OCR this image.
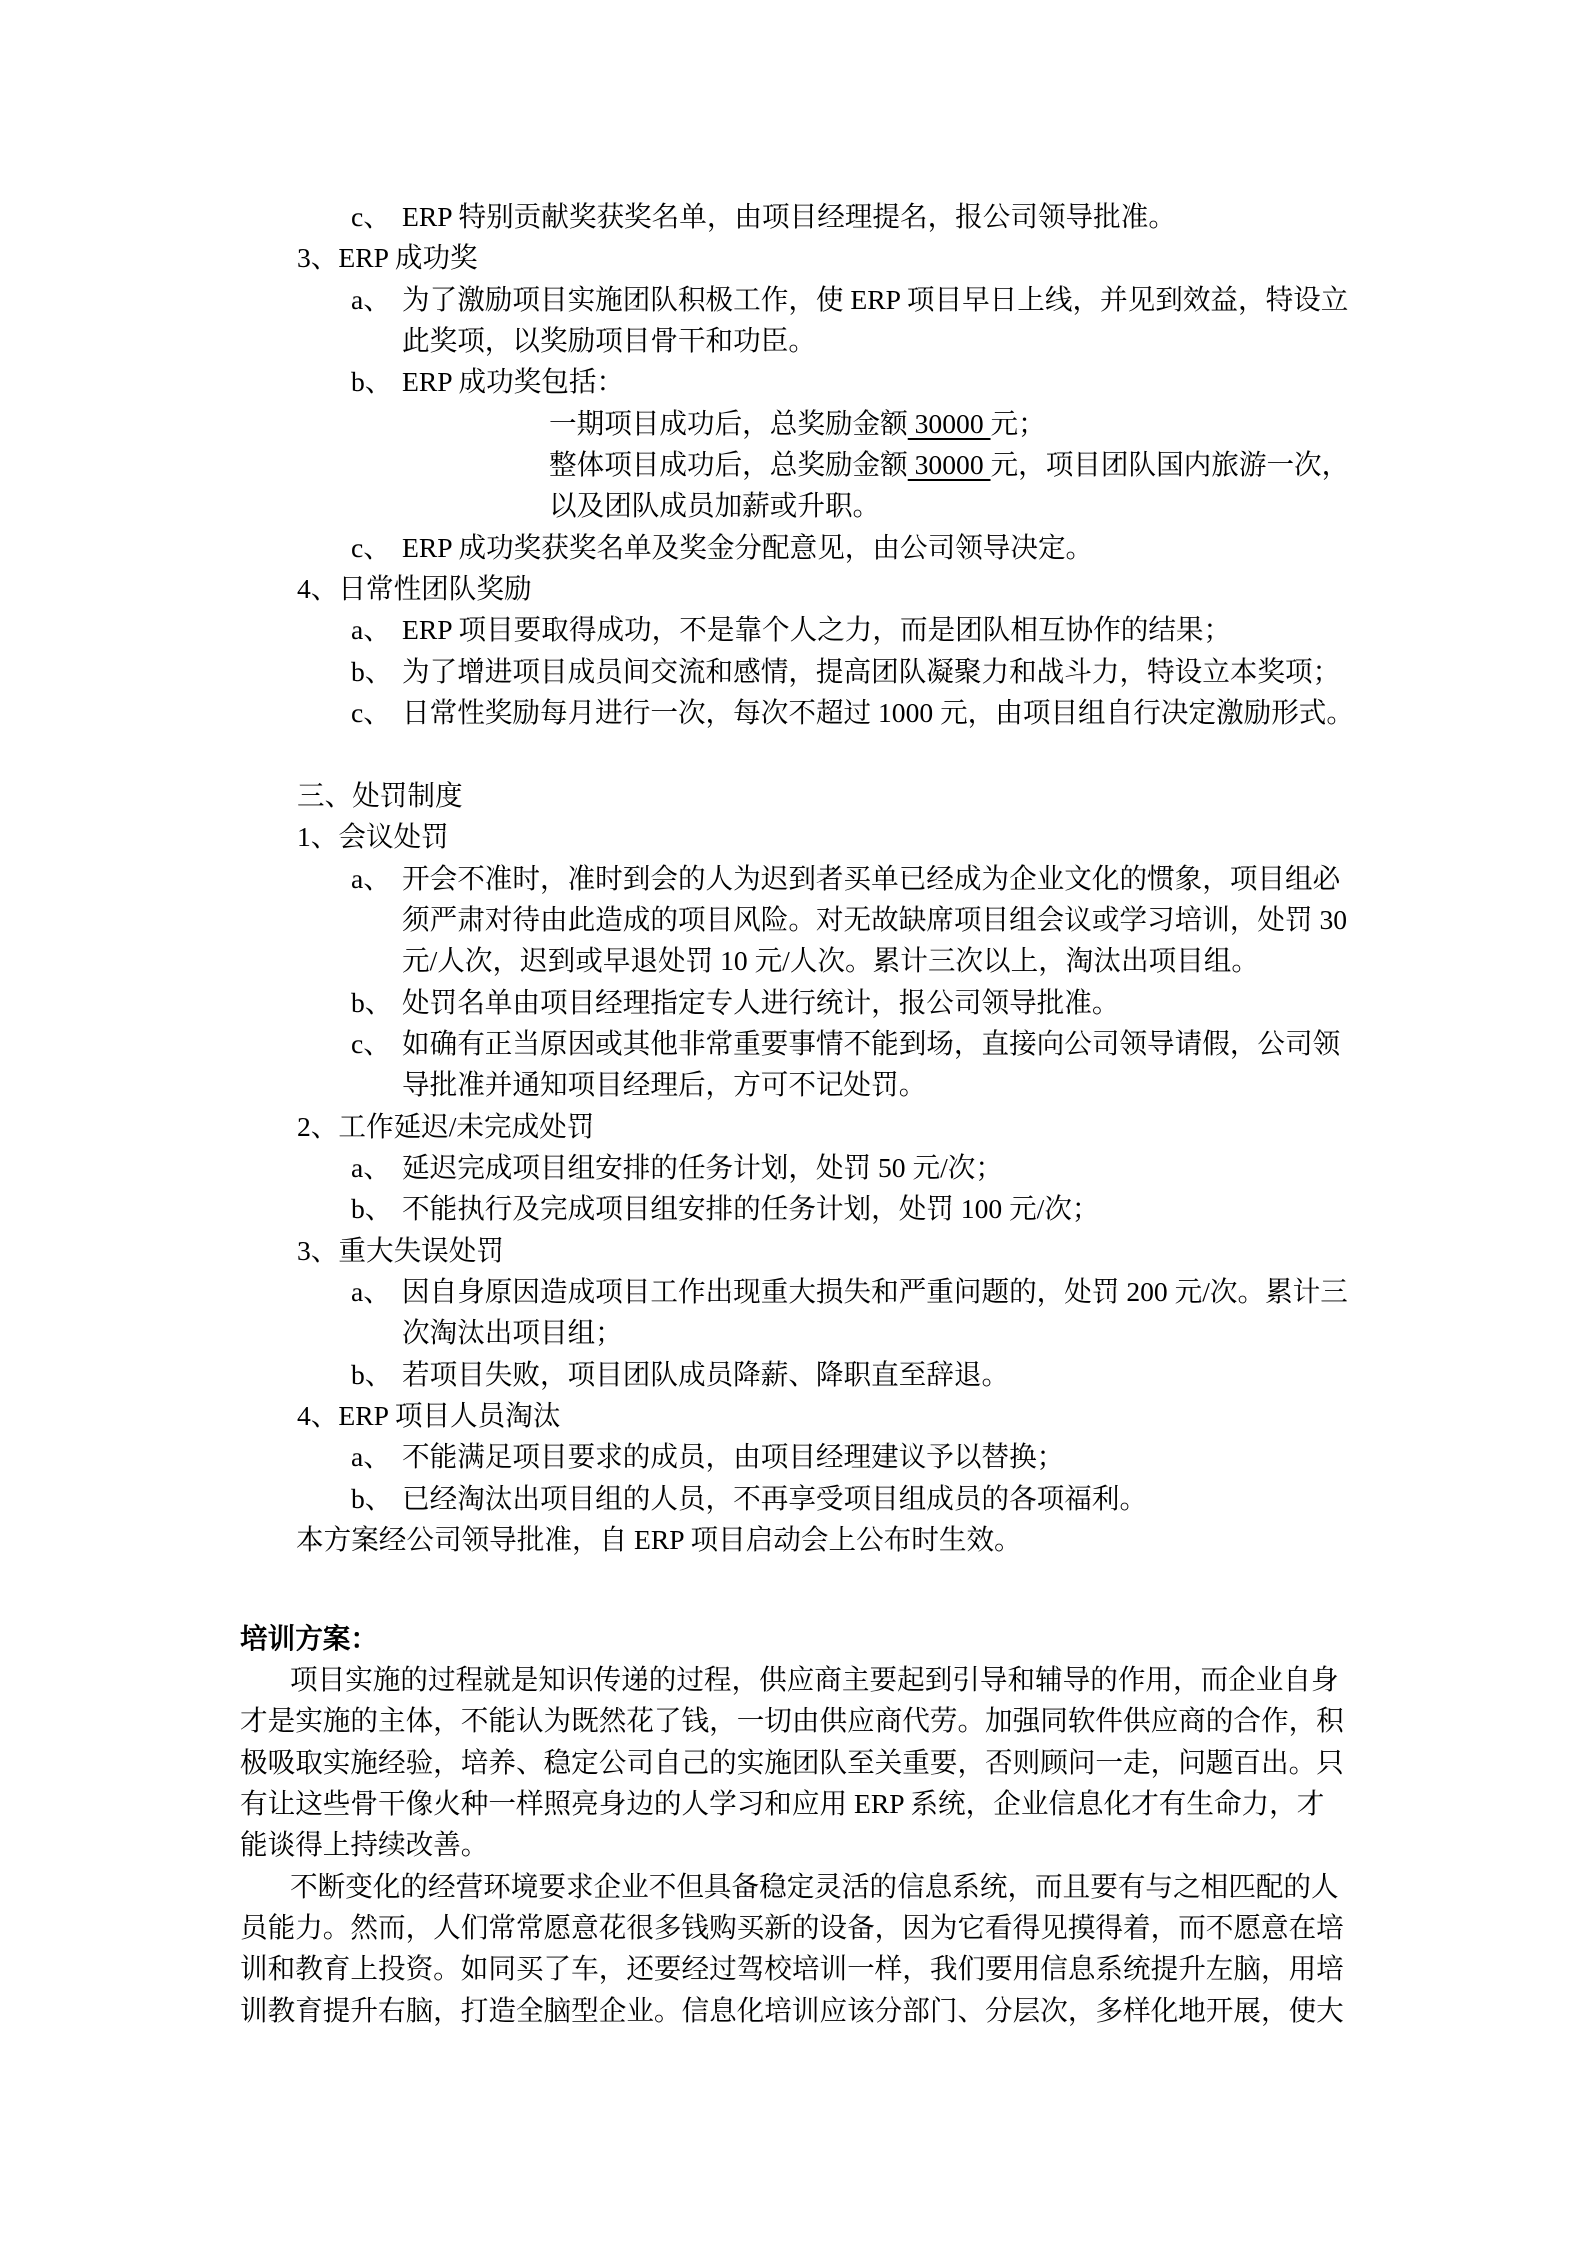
c、 ERP 特别贡献奖获奖名单，由项目经理提名，报公司领导批准。
3、ERP 成功奖
a、 为了激励项目实施团队积极工作，使 ERP 项目早日上线，并见到效益，特设立
此奖项，以奖励项目骨干和功臣。
b、 ERP 成功奖包括：
一期项目成功后，总奖励金额 30000 元；
整体项目成功后，总奖励金额 30000 元，项目团队国内旅游一次，
以及团队成员加薪或升职。
c、 ERP 成功奖获奖名单及奖金分配意见，由公司领导决定。
4、日常性团队奖励
a、 ERP 项目要取得成功，不是靠个人之力，而是团队相互协作的结果；
b、 为了增进项目成员间交流和感情，提高团队凝聚力和战斗力，特设立本奖项；
c、 日常性奖励每月进行一次，每次不超过 1000 元，由项目组自行决定激励形式。
三、处罚制度
1、会议处罚
a、 开会不准时，准时到会的人为迟到者买单已经成为企业文化的惯象，项目组必
须严肃对待由此造成的项目风险。对无故缺席项目组会议或学习培训，处罚 30
元/人次，迟到或早退处罚 10 元/人次。累计三次以上，淘汰出项目组。
b、 处罚名单由项目经理指定专人进行统计，报公司领导批准。
c、 如确有正当原因或其他非常重要事情不能到场，直接向公司领导请假，公司领
导批准并通知项目经理后，方可不记处罚。
2、工作延迟/未完成处罚
a、 延迟完成项目组安排的任务计划，处罚 50 元/次；
b、 不能执行及完成项目组安排的任务计划，处罚 100 元/次；
3、重大失误处罚
a、 因自身原因造成项目工作出现重大损失和严重问题的，处罚 200 元/次。累计三
次淘汰出项目组；
b、 若项目失败，项目团队成员降薪、降职直至辞退。
4、ERP 项目人员淘汰
a、 不能满足项目要求的成员，由项目经理建议予以替换；
b、 已经淘汰出项目组的人员，不再享受项目组成员的各项福利。
本方案经公司领导批准，自 ERP 项目启动会上公布时生效。
培训方案：
项目实施的过程就是知识传递的过程，供应商主要起到引导和辅导的作用，而企业自身
才是实施的主体，不能认为既然花了钱，一切由供应商代劳。加强同软件供应商的合作，积
极吸取实施经验，培养、稳定公司自己的实施团队至关重要，否则顾问一走，问题百出。只
有让这些骨干像火种一样照亮身边的人学习和应用 ERP 系统，企业信息化才有生命力，才
能谈得上持续改善。
不断变化的经营环境要求企业不但具备稳定灵活的信息系统，而且要有与之相匹配的人
员能力。然而，人们常常愿意花很多钱购买新的设备，因为它看得见摸得着，而不愿意在培
训和教育上投资。如同买了车，还要经过驾校培训一样，我们要用信息系统提升左脑，用培
训教育提升右脑，打造全脑型企业。信息化培训应该分部门、分层次，多样化地开展，使大
